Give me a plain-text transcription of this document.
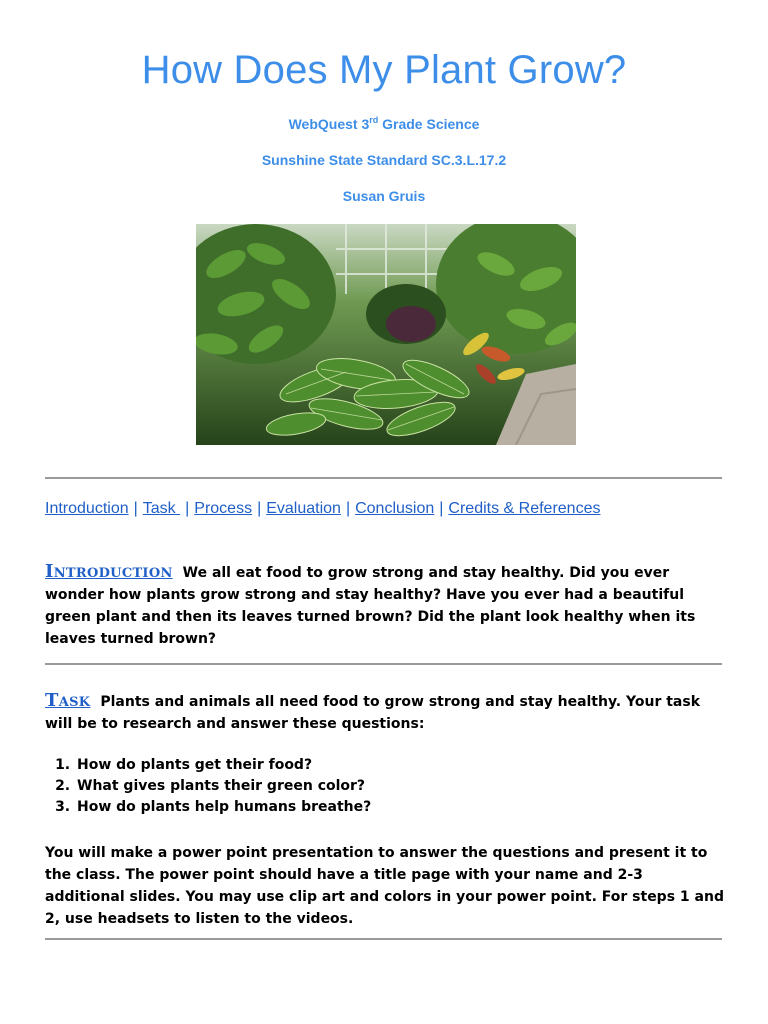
How Does My Plant Grow?
WebQuest 3rd Grade Science
Sunshine State Standard SC.3.L.17.2
Susan Gruis
Introduction | Task | Process | Evaluation | Conclusion | Credits & References
Introduction We all eat food to grow strong and stay healthy. Did you ever wonder how plants grow strong and stay healthy? Have you ever had a beautiful green plant and then its leaves turned brown? Did the plant look healthy when its leaves turned brown?
Task Plants and animals all need food to grow strong and stay healthy. Your task will be to research and answer these questions:
1. How do plants get their food?
2. What gives plants their green color?
3. How do plants help humans breathe?
You will make a power point presentation to answer the questions and present it to the class. The power point should have a title page with your name and 2-3 additional slides. You may use clip art and colors in your power point. For steps 1 and 2, use headsets to listen to the videos.
